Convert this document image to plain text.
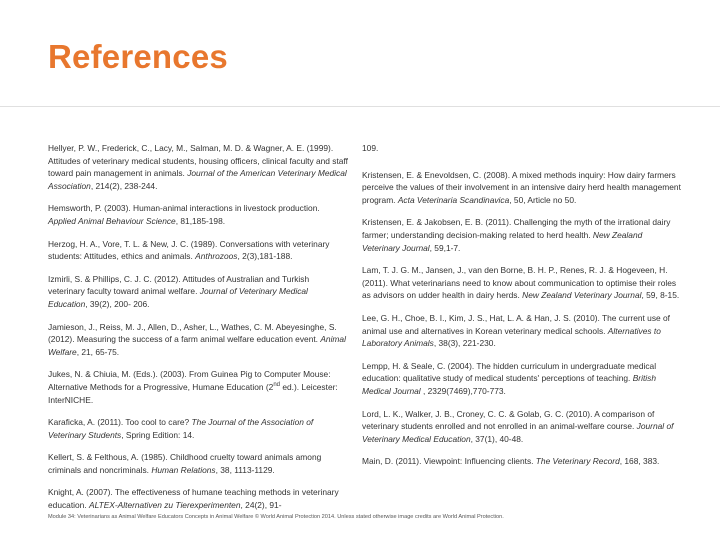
References
Hellyer, P. W., Frederick, C., Lacy, M., Salman, M. D. & Wagner, A. E. (1999). Attitudes of veterinary medical students, housing officers, clinical faculty and staff toward pain management in animals. Journal of the American Veterinary Medical Association, 214(2), 238-244.
Hemsworth, P. (2003). Human-animal interactions in livestock production. Applied Animal Behaviour Science, 81,185-198.
Herzog, H. A., Vore, T. L. & New, J. C. (1989). Conversations with veterinary students: Attitudes, ethics and animals. Anthrozoos, 2(3),181-188.
Izmirli, S. & Phillips, C. J. C. (2012). Attitudes of Australian and Turkish veterinary faculty toward animal welfare. Journal of Veterinary Medical Education, 39(2), 200- 206.
Jamieson, J., Reiss, M. J., Allen, D., Asher, L., Wathes, C. M. Abeyesinghe, S. (2012). Measuring the success of a farm animal welfare education event. Animal Welfare, 21, 65-75.
Jukes, N. & Chiuia, M. (Eds.). (2003). From Guinea Pig to Computer Mouse: Alternative Methods for a Progressive, Humane Education (2nd ed.). Leicester: InterNICHE.
Karaficka, A. (2011). Too cool to care? The Journal of the Association of Veterinary Students, Spring Edition: 14.
Kellert, S. & Felthous, A. (1985). Childhood cruelty toward animals among criminals and noncriminals. Human Relations, 38, 1113-1129.
Knight, A. (2007). The effectiveness of humane teaching methods in veterinary education. ALTEX-Alternativen zu Tierexperimenten, 24(2), 91-
109.
Kristensen, E. & Enevoldsen, C. (2008). A mixed methods inquiry: How dairy farmers perceive the values of their involvement in an intensive dairy herd health management program. Acta Veterinaria Scandinavica, 50, Article no 50.
Kristensen, E. & Jakobsen, E. B. (2011). Challenging the myth of the irrational dairy farmer; understanding decision-making related to herd health. New Zealand Veterinary Journal, 59,1-7.
Lam, T. J. G. M., Jansen, J., van den Borne, B. H. P., Renes, R. J. & Hogeveen, H. (2011). What veterinarians need to know about communication to optimise their roles as advisors on udder health in dairy herds. New Zealand Veterinary Journal, 59, 8-15.
Lee, G. H., Choe, B. I., Kim, J. S., Hat, L. A. & Han, J. S. (2010). The current use of animal use and alternatives in Korean veterinary medical schools. Alternatives to Laboratory Animals, 38(3), 221-230.
Lempp, H. & Seale, C. (2004). The hidden curriculum in undergraduate medical education: qualitative study of medical students' perceptions of teaching. British Medical Journal , 2329(7469),770-773.
Lord, L. K., Walker, J. B., Croney, C. C. & Golab, G. C. (2010). A comparison of veterinary students enrolled and not enrolled in an animal-welfare course. Journal of Veterinary Medical Education, 37(1), 40-48.
Main, D. (2011). Viewpoint: Influencing clients. The Veterinary Record, 168, 383.
Module 34: Veterinarians as Animal Welfare Educators Concepts in Animal Welfare © World Animal Protection 2014. Unless stated otherwise image credits are World Animal Protection.
